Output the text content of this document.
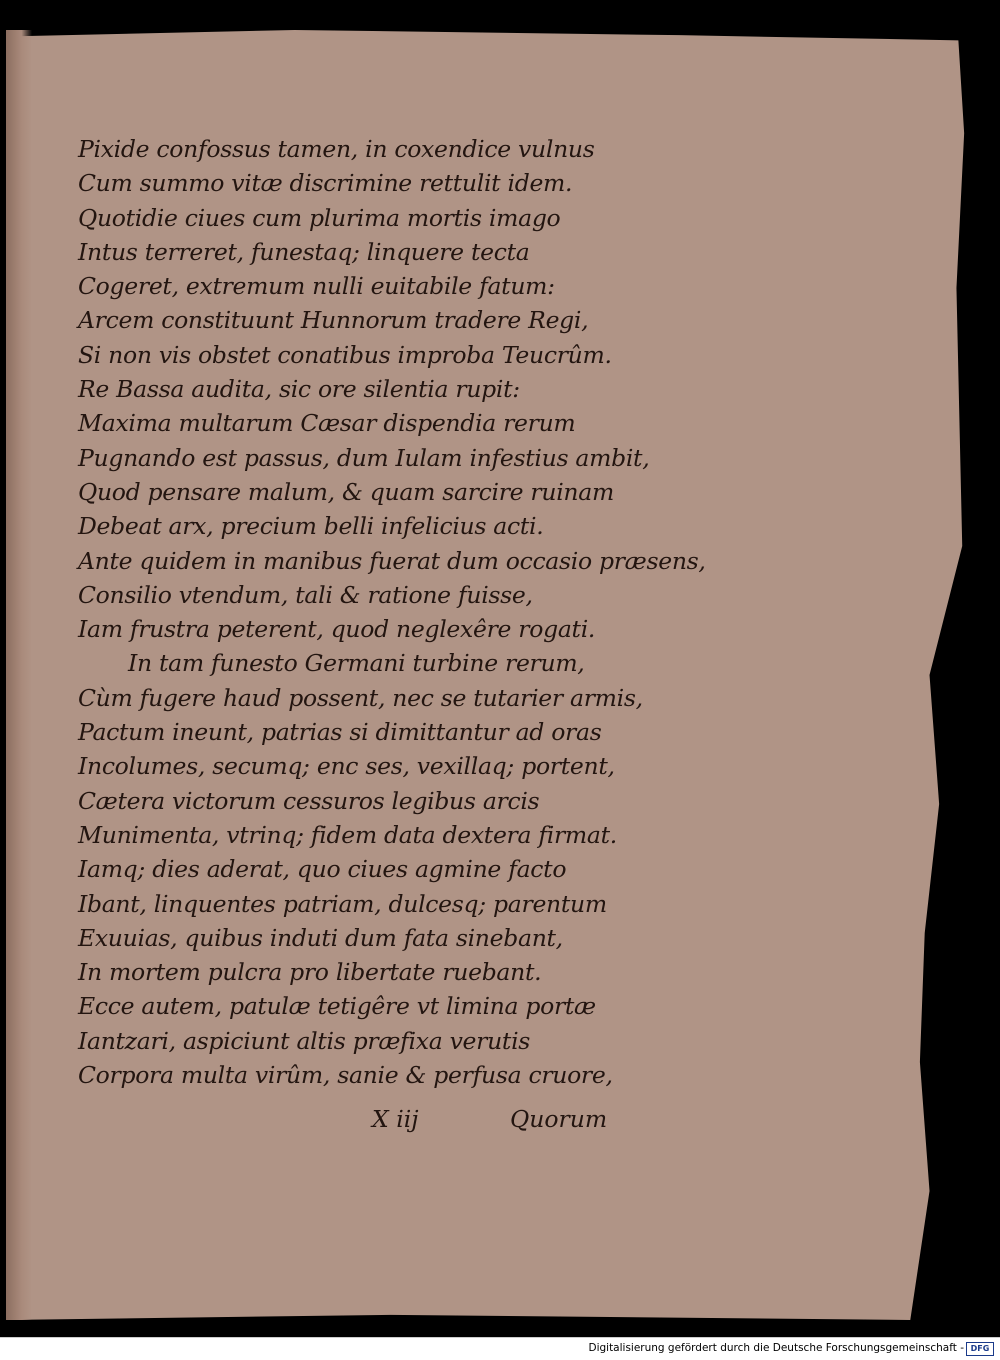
Pixide confossus tamen, in coxendice vulnus
Cum summo vitæ discrimine rettulit idem.
Quotidie ciues cum plurima mortis imago
Intus terreret, funestaq; linquere tecta
Cogeret, extremum nulli euitabile fatum:
Arcem constituunt Hunnorum tradere Regi,
Si non vis obstet conatibus improba Teucrûm.
Re Bassa audita, sic ore silentia rupit:
Maxima multarum Cæsar dispendia rerum
Pugnando est passus, dum Iulam infestius ambit,
Quod pensare malum, & quam sarcire ruinam
Debeat arx, precium belli infelicius acti.
Ante quidem in manibus fuerat dum occasio præsens,
Consilio vtendum, tali & ratione fuisse,
Iam frustra peterent, quod neglexêre rogati.
In tam funesto Germani turbine rerum,
Cùm fugere haud possent, nec se tutarier armis,
Pactum ineunt, patrias si dimittantur ad oras
Incolumes, secumq; enc ses, vexillaq; portent,
Cætera victorum cessuros legibus arcis
Munimenta, vtrinq; fidem data dextera firmat.
Iamq; dies aderat, quo ciues agmine facto
Ibant, linquentes patriam, dulcesq; parentum
Exuuias, quibus induti dum fata sinebant,
In mortem pulcra pro libertate ruebant.
Ecce autem, patulæ tetigêre vt limina portæ
Iantzari, aspiciunt altis præfixa verutis
Corpora multa virûm, sanie & perfusa cruore,
X iij	Quorum
Digitalisierung gefördert durch die Deutsche Forschungsgemeinschaft - DFG
